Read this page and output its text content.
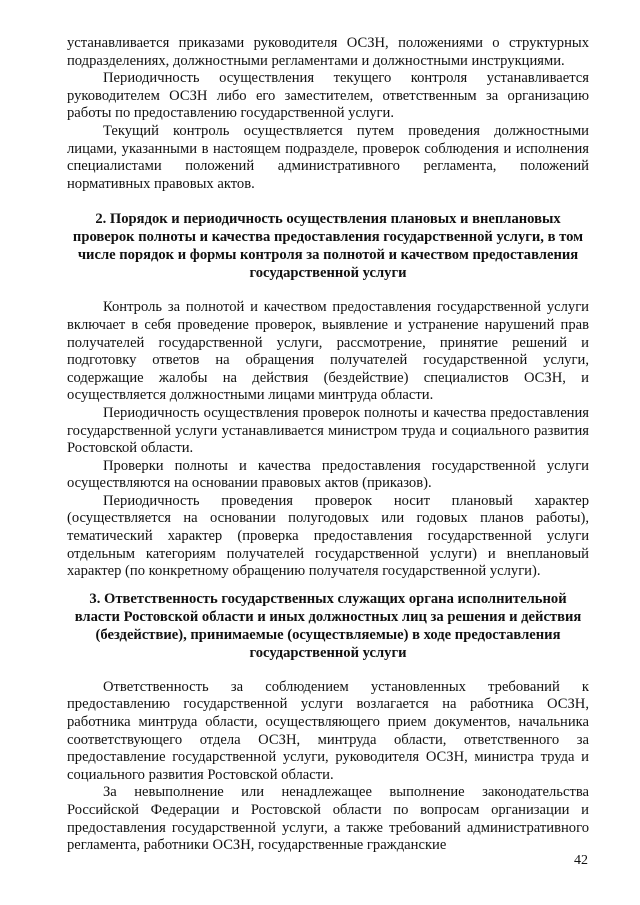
устанавливается приказами руководителя ОСЗН, положениями о структурных подразделениях, должностными регламентами и должностными инструкциями.

Периодичность осуществления текущего контроля устанавливается руководителем ОСЗН либо его заместителем, ответственным за организацию работы по предоставлению государственной услуги.

Текущий контроль осуществляется путем проведения должностными лицами, указанными в настоящем подразделе, проверок соблюдения и исполнения специалистами положений административного регламента, положений нормативных правовых актов.

2. Порядок и периодичность осуществления плановых и внеплановых проверок полноты и качества предоставления государственной услуги, в том числе порядок и формы контроля за полнотой и качеством предоставления государственной услуги

Контроль за полнотой и качеством предоставления государственной услуги включает в себя проведение проверок, выявление и устранение нарушений прав получателей государственной услуги, рассмотрение, принятие решений и подготовку ответов на обращения получателей государственной услуги, содержащие жалобы на действия (бездействие) специалистов ОСЗН, и осуществляется должностными лицами минтруда области.

Периодичность осуществления проверок полноты и качества предоставления государственной услуги устанавливается министром труда и социального развития Ростовской области.

Проверки полноты и качества предоставления государственной услуги осуществляются на основании правовых актов (приказов).

Периодичность проведения проверок носит плановый характер (осуществляется на основании полугодовых или годовых планов работы), тематический характер (проверка предоставления государственной услуги отдельным категориям получателей государственной услуги) и внеплановый характер (по конкретному обращению получателя государственной услуги).

3. Ответственность государственных служащих органа исполнительной власти Ростовской области и иных должностных лиц за решения и действия (бездействие), принимаемые (осуществляемые) в ходе предоставления государственной услуги

Ответственность за соблюдением установленных требований к предоставлению государственной услуги возлагается на работника ОСЗН, работника минтруда области, осуществляющего прием документов, начальника соответствующего отдела ОСЗН, минтруда области, ответственного за предоставление государственной услуги, руководителя ОСЗН, министра труда и социального развития Ростовской области.

За невыполнение или ненадлежащее выполнение законодательства Российской Федерации и Ростовской области по вопросам организации и предоставления государственной услуги, а также требований административного регламента, работники ОСЗН, государственные гражданские

42
